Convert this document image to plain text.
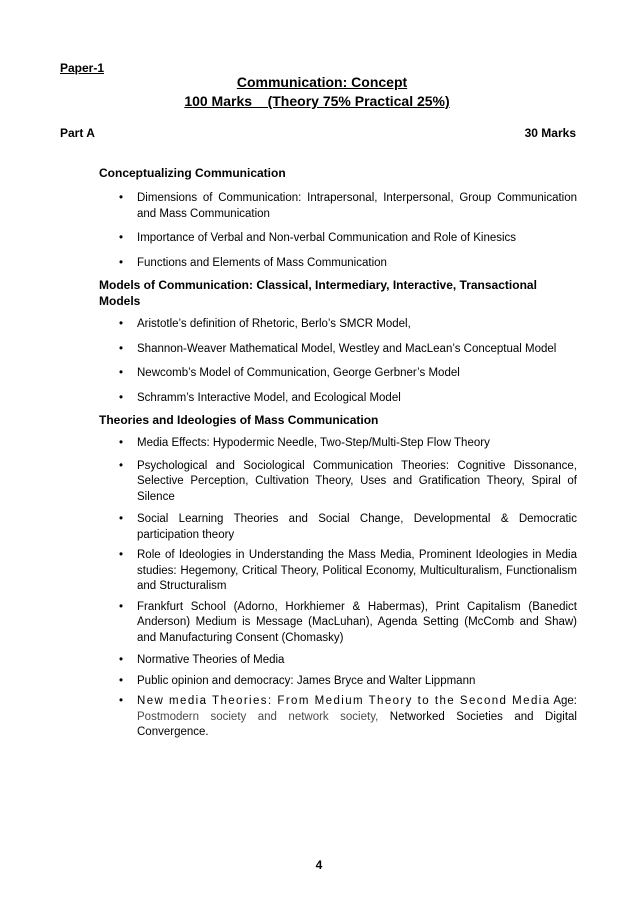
Paper-1
Communication: Concept
100 Marks    (Theory 75% Practical 25%)
Part A	30 Marks

Conceptualizing Communication

•	Dimensions of Communication: Intrapersonal, Interpersonal, Group Communication and Mass Communication
•	Importance of Verbal and Non-verbal Communication and Role of Kinesics
•	Functions and Elements of Mass Communication

Models of Communication: Classical, Intermediary, Interactive, Transactional Models

•	Aristotle’s definition of Rhetoric, Berlo’s SMCR Model,
•	Shannon-Weaver Mathematical Model, Westley and MacLean’s Conceptual Model
•	Newcomb’s Model of Communication, George Gerbner’s Model
•	Schramm’s Interactive Model, and Ecological Model

Theories and Ideologies of Mass Communication

•	Media Effects: Hypodermic Needle, Two-Step/Multi-Step Flow Theory
•	Psychological and Sociological Communication Theories: Cognitive Dissonance, Selective Perception, Cultivation Theory, Uses and Gratification Theory, Spiral of Silence
•	Social Learning Theories and Social Change, Developmental & Democratic participation theory
•	Role of Ideologies in Understanding the Mass Media, Prominent Ideologies in Media studies: Hegemony, Critical Theory, Political Economy, Multiculturalism, Functionalism and Structuralism
•	Frankfurt School (Adorno, Horkhiemer & Habermas), Print Capitalism (Banedict Anderson) Medium is Message (MacLuhan), Agenda Setting (McComb and Shaw) and Manufacturing Consent (Chomasky)
•	Normative Theories of Media
•	Public opinion and democracy: James Bryce and Walter Lippmann
•	New media Theories: From Medium Theory to the Second Media Age: Postmodern society and network society, Networked Societies and Digital Convergence.
4
